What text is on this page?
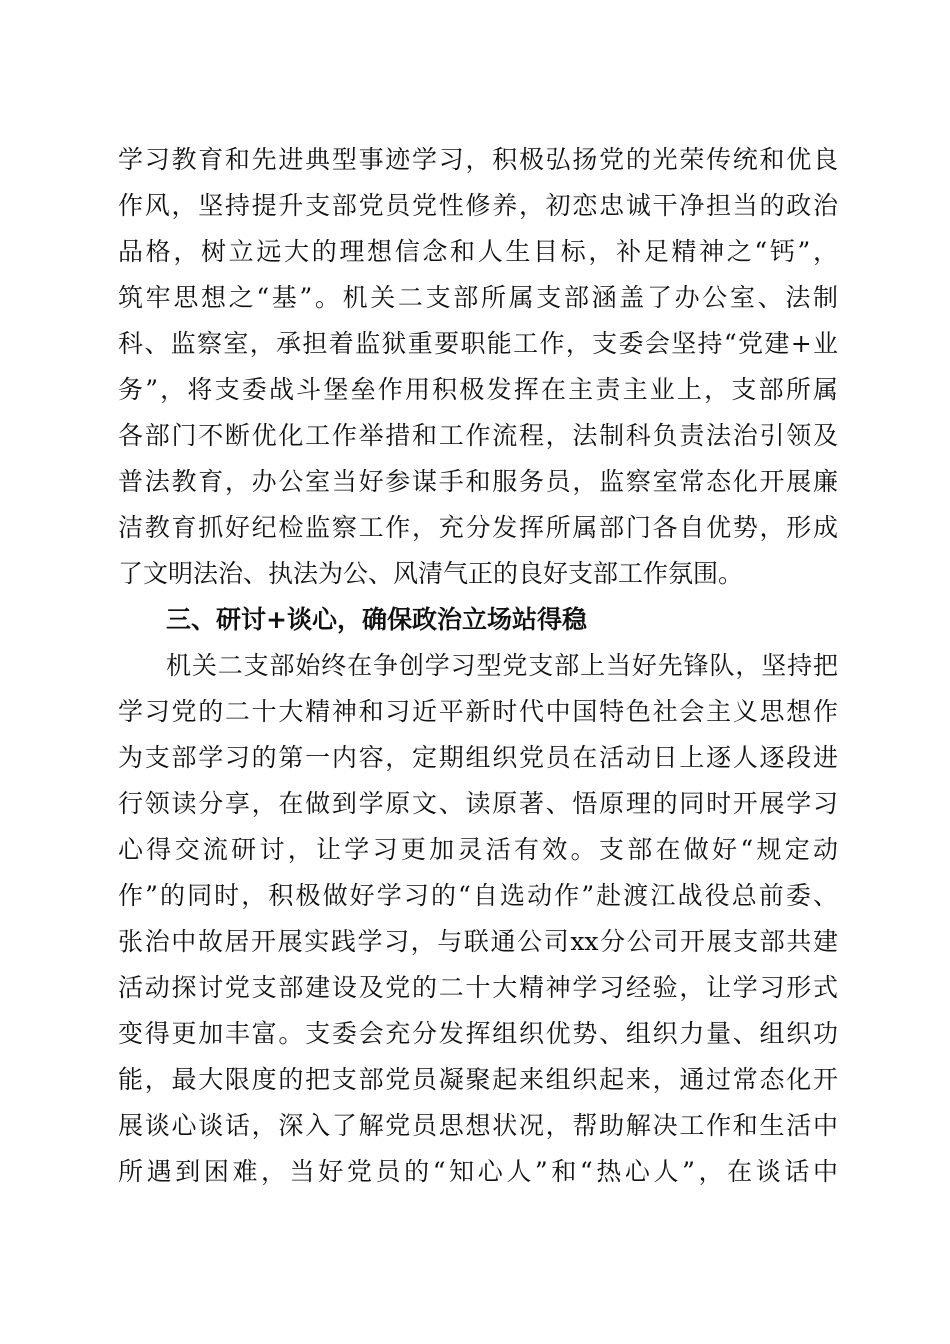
学习教育和先进典型事迹学习，积极弘扬党的光荣传统和优良
作风，坚持提升支部党员党性修养，初恋忠诚干净担当的政治
品格，树立远大的理想信念和人生目标，补足精神之“钙”，
筑牢思想之“基”。机关二支部所属支部涵盖了办公室、法制
科、监察室，承担着监狱重要职能工作，支委会坚持“党建+业
务”，将支委战斗堡垒作用积极发挥在主责主业上，支部所属
各部门不断优化工作举措和工作流程，法制科负责法治引领及
普法教育，办公室当好参谋手和服务员，监察室常态化开展廉
洁教育抓好纪检监察工作，充分发挥所属部门各自优势，形成
了文明法治、执法为公、风清气正的良好支部工作氛围。
三、研讨+谈心，确保政治立场站得稳
机关二支部始终在争创学习型党支部上当好先锋队，坚持把
学习党的二十大精神和习近平新时代中国特色社会主义思想作
为支部学习的第一内容，定期组织党员在活动日上逐人逐段进
行领读分享，在做到学原文、读原著、悟原理的同时开展学习
心得交流研讨，让学习更加灵活有效。支部在做好“规定动
作”的同时，积极做好学习的“自选动作”赴渡江战役总前委、
张治中故居开展实践学习，与联通公司xx分公司开展支部共建
活动探讨党支部建设及党的二十大精神学习经验，让学习形式
变得更加丰富。支委会充分发挥组织优势、组织力量、组织功
能，最大限度的把支部党员凝聚起来组织起来，通过常态化开
展谈心谈话，深入了解党员思想状况，帮助解决工作和生活中
所遇到困难，当好党员的“知心人”和“热心人”，在谈话中
